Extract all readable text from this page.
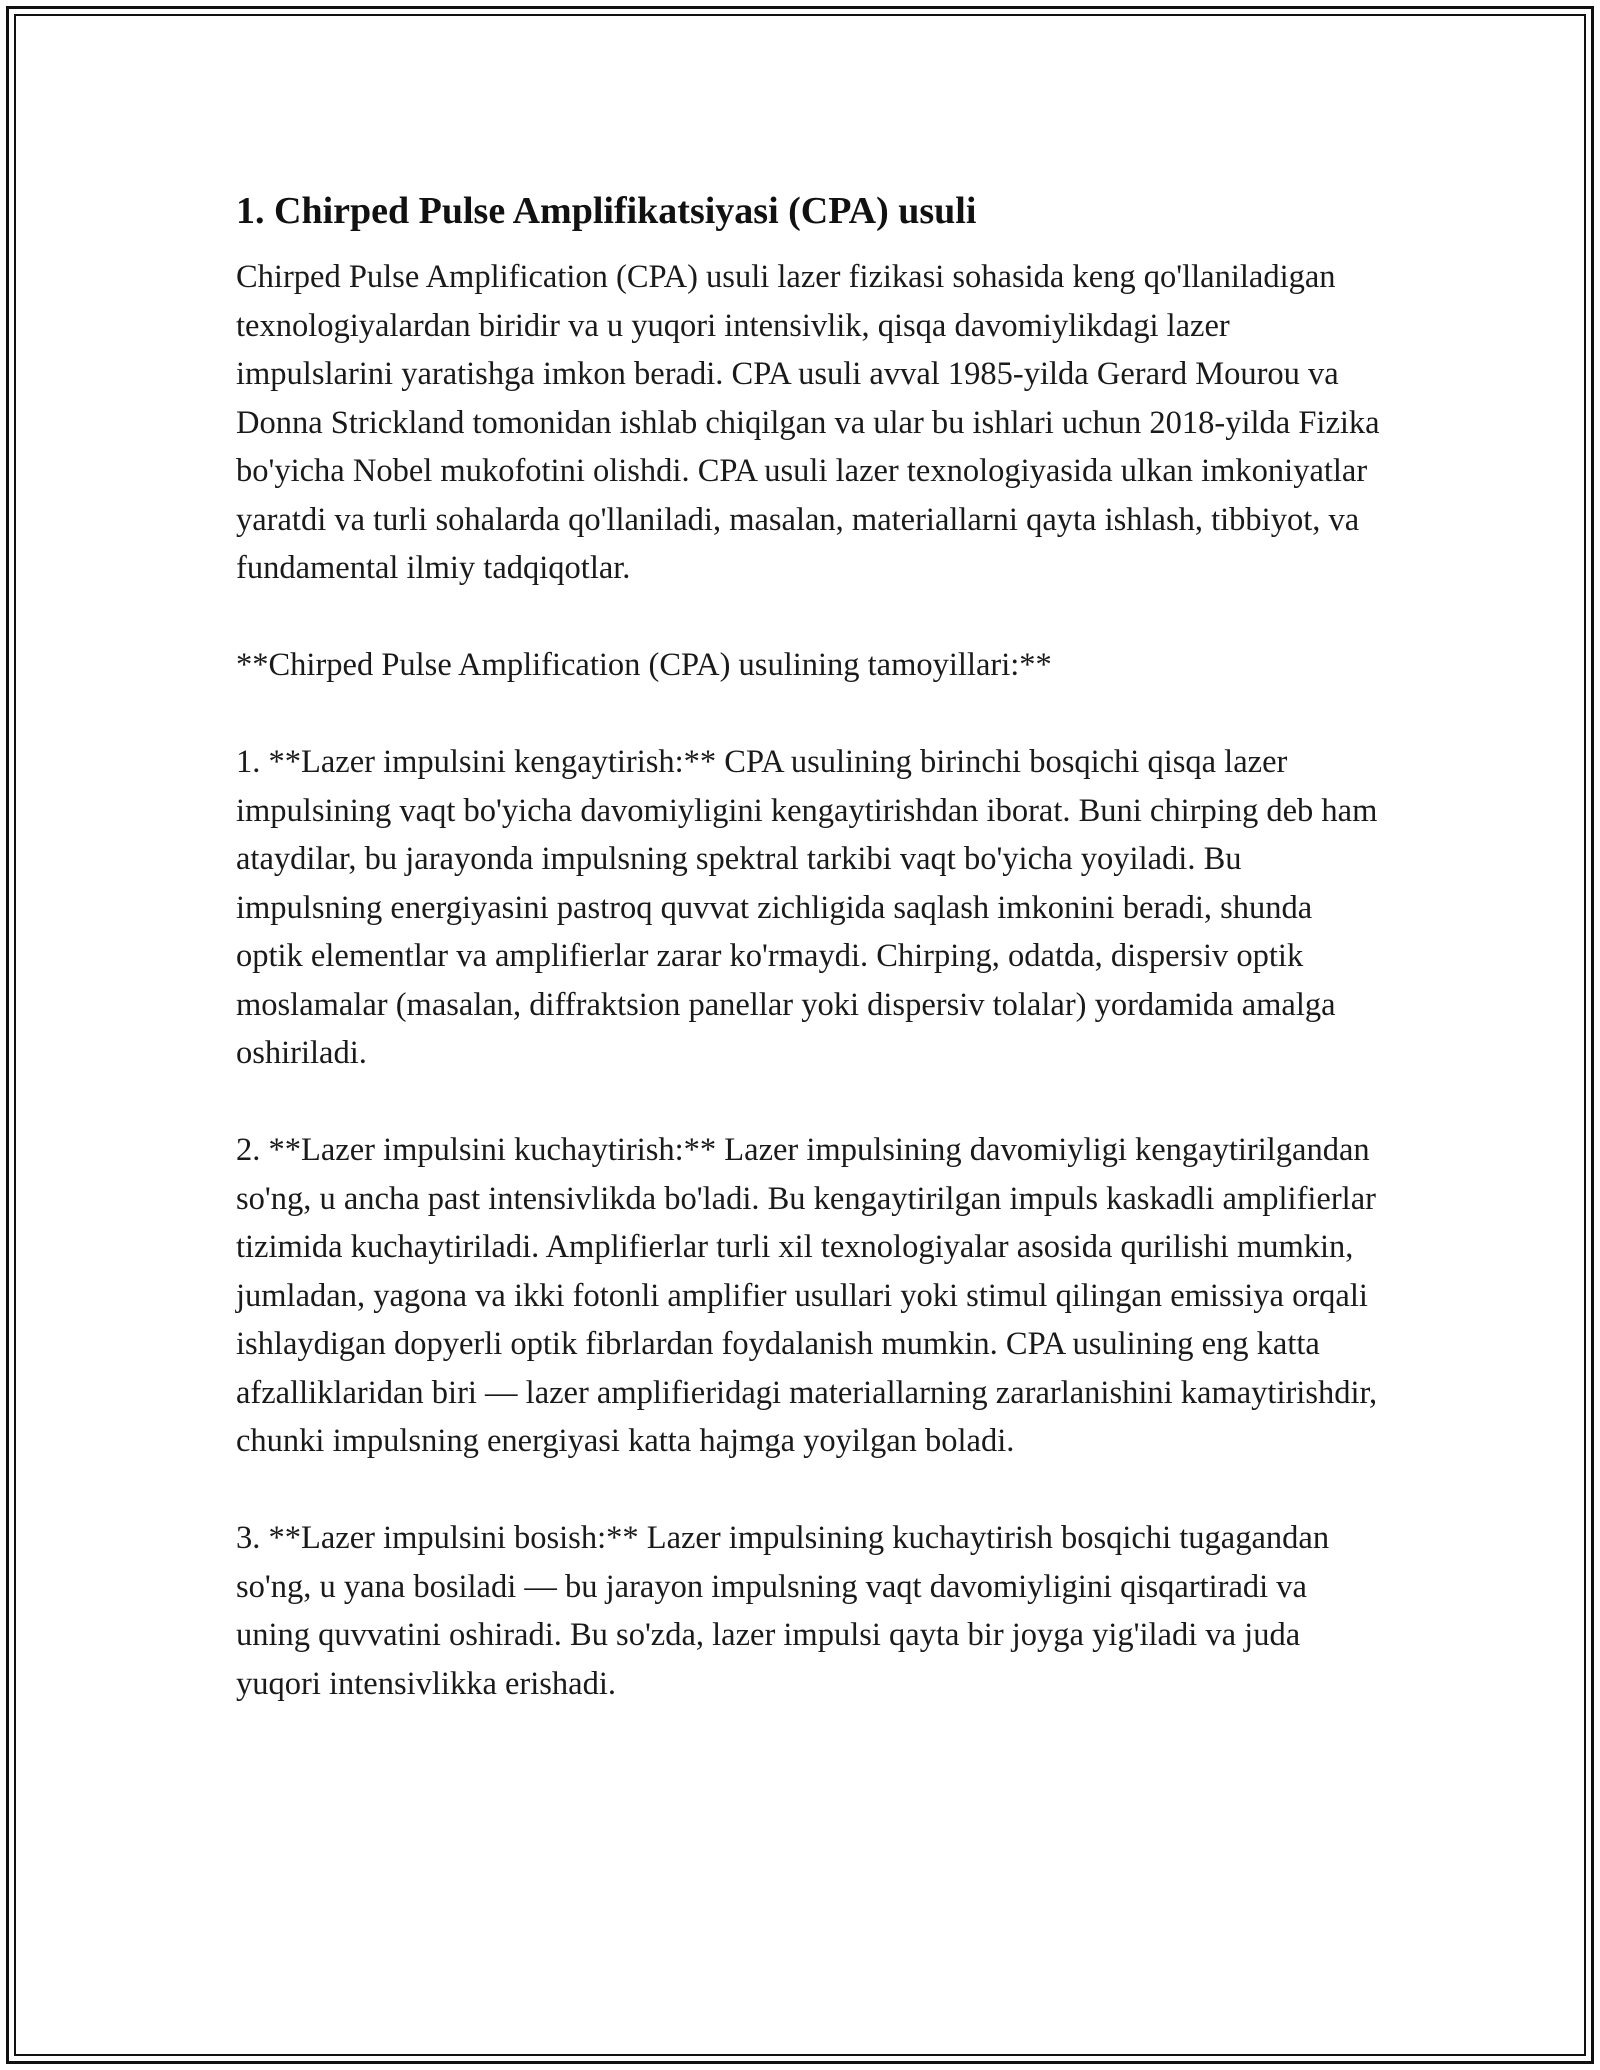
1. Chirped Pulse Amplifikatsiyasi (CPA) usuli

Chirped Pulse Amplification (CPA) usuli lazer fizikasi sohasida keng qo'llaniladigan texnologiyalardan biridir va u yuqori intensivlik, qisqa davomiylikdagi lazer impulslarini yaratishga imkon beradi. CPA usuli avval 1985-yilda Gerard Mourou va Donna Strickland tomonidan ishlab chiqilgan va ular bu ishlari uchun 2018-yilda Fizika bo'yicha Nobel mukofotini olishdi. CPA usuli lazer texnologiyasida ulkan imkoniyatlar yaratdi va turli sohalarda qo'llaniladi, masalan, materiallarni qayta ishlash, tibbiyot, va fundamental ilmiy tadqiqotlar.

**Chirped Pulse Amplification (CPA) usulining tamoyillari:**

1. **Lazer impulsini kengaytirish:** CPA usulining birinchi bosqichi qisqa lazer impulsining vaqt bo'yicha davomiyligini kengaytirishdan iborat. Buni chirping deb ham ataydilar, bu jarayonda impulsning spektral tarkibi vaqt bo'yicha yoyiladi. Bu impulsning energiyasini pastroq quvvat zichligida saqlash imkonini beradi, shunda optik elementlar va amplifierlar zarar ko'rmaydi. Chirping, odatda, dispersiv optik moslamalar (masalan, diffraktsion panellar yoki dispersiv tolalar) yordamida amalga oshiriladi.

2. **Lazer impulsini kuchaytirish:** Lazer impulsining davomiyligi kengaytirilgandan so'ng, u ancha past intensivlikda bo'ladi. Bu kengaytirilgan impuls kaskadli amplifierlar tizimida kuchaytiriladi. Amplifierlar turli xil texnologiyalar asosida qurilishi mumkin, jumladan, yagona va ikki fotonli amplifier usullari yoki stimul qilingan emissiya orqali ishlaydigan dopyerli optik fibrlardan foydalanish mumkin. CPA usulining eng katta afzalliklaridan biri — lazer amplifieridagi materiallarning zararlanishini kamaytirishdir, chunki impulsning energiyasi katta hajmga yoyilgan boladi.

3. **Lazer impulsini bosish:** Lazer impulsining kuchaytirish bosqichi tugagandan so'ng, u yana bosiladi — bu jarayon impulsning vaqt davomiyligini qisqartiradi va uning quvvatini oshiradi. Bu so'zda, lazer impulsi qayta bir joyga yig'iladi va juda yuqori intensivlikka erishadi.
